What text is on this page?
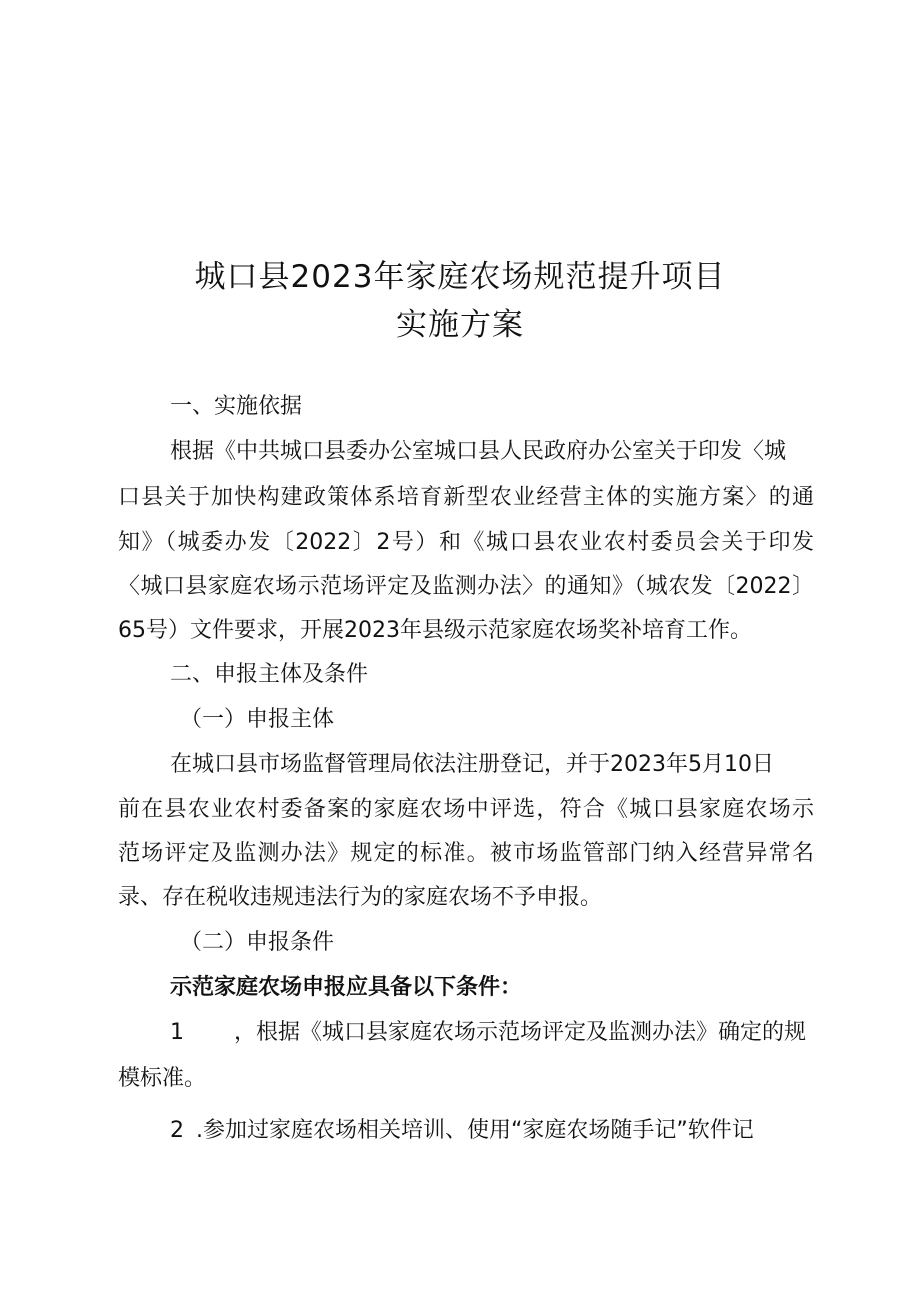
城口县2023年家庭农场规范提升项目
实施方案
一、实施依据
根据《中共城口县委办公室城口县人民政府办公室关于印发〈城
口县关于加快构建政策体系培育新型农业经营主体的实施方案〉的通
知》（城委办发〔2022〕2号）和《城口县农业农村委员会关于印发
〈城口县家庭农场示范场评定及监测办法〉的通知》（城农发〔2022〕
65号）文件要求，开展2023年县级示范家庭农场奖补培育工作。
二、申报主体及条件
（一）申报主体
在城口县市场监督管理局依法注册登记，并于2023年5月10日
前在县农业农村委备案的家庭农场中评选，符合《城口县家庭农场示
范场评定及监测办法》规定的标准。被市场监管部门纳入经营异常名
录、存在税收违规违法行为的家庭农场不予申报。
（二）申报条件
示范家庭农场申报应具备以下条件：
1 ，根据《城口县家庭农场示范场评定及监测办法》确定的规
模标准。
2 .参加过家庭农场相关培训、使用“家庭农场随手记”软件记
